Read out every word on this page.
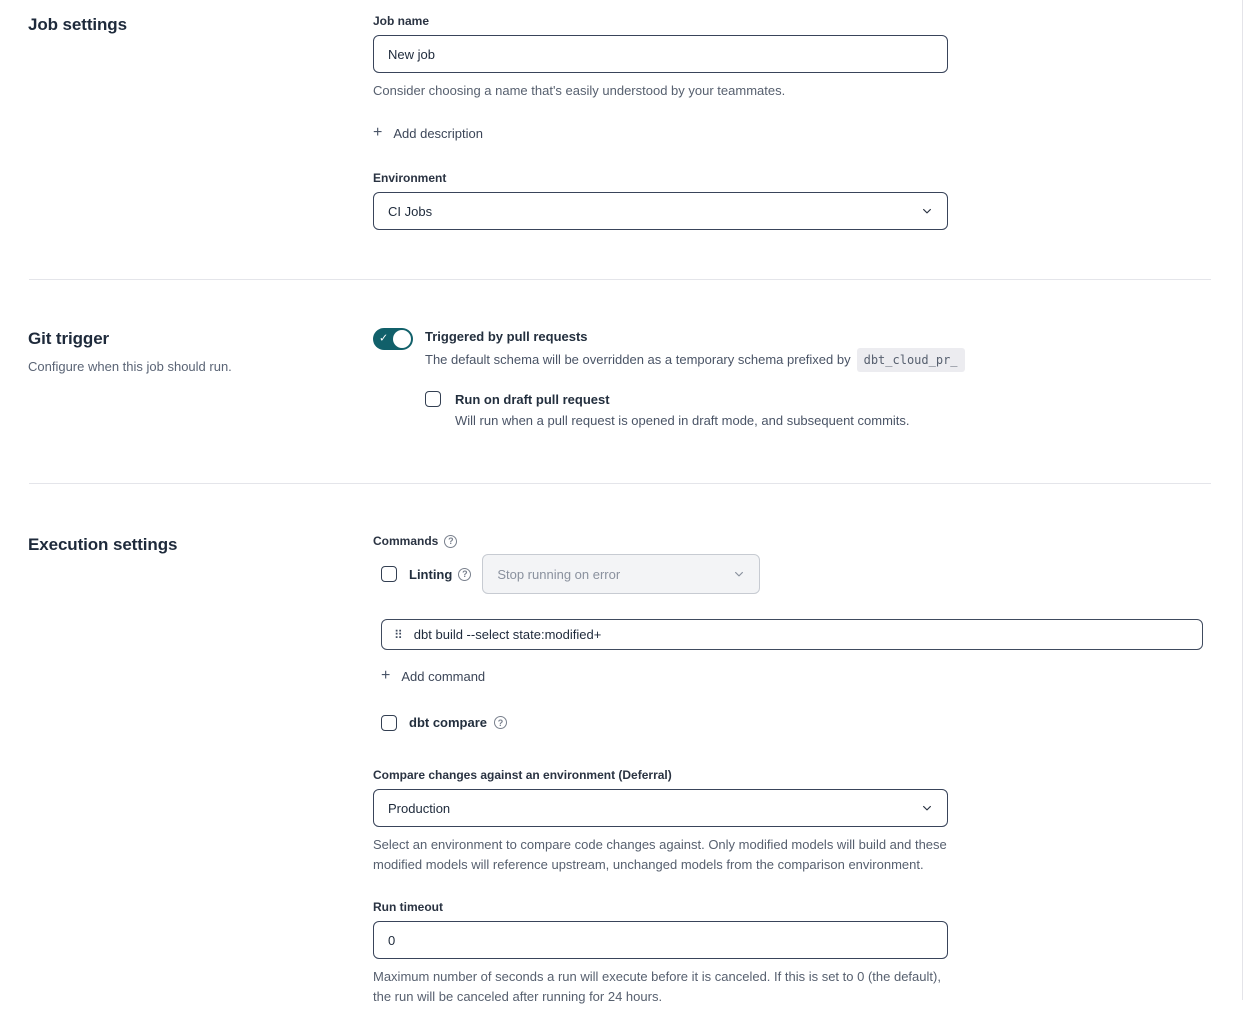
Job settings	Job name
New job

Consider choosing a name that's easily understood by your teammates.

+ Add description
Environment
CI Jobs
Git trigger

Configure when this job should run.

✓	Triggered by pull requests
The default schema will be overridden as a temporary schema prefixed by	dbt_cloud_pr_
Run on draft pull request
Will run when a pull request is opened in draft mode, and subsequent commits.
Execution settings	Commands	?
Linting	? Stop running on error
⠿ dbt build --select state:modified+
+ Add command
dbt compare	?
Compare changes against an environment (Deferral)
Production

Select an environment to compare code changes against. Only modified models will build and these modified models will reference upstream, unchanged models from the comparison environment.

Run timeout
0

Maximum number of seconds a run will execute before it is canceled. If this is set to 0 (the default), the run will be canceled after running for 24 hours.
